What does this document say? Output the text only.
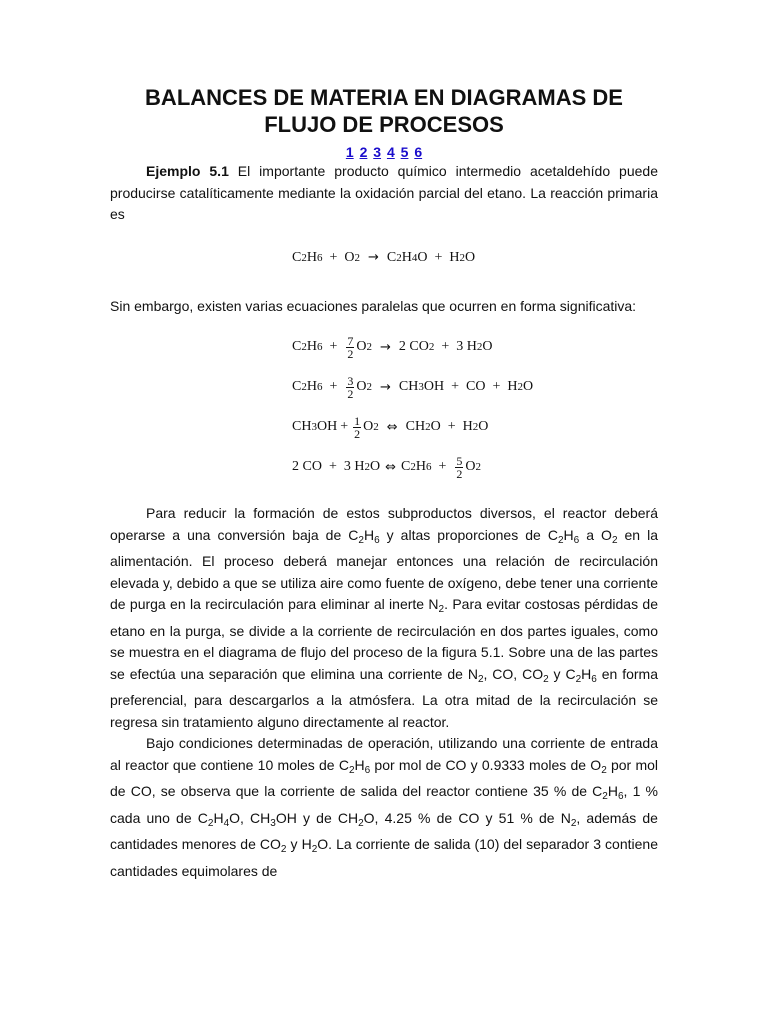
BALANCES DE MATERIA EN DIAGRAMAS DE
FLUJO DE PROCESOS
1 2 3 4 5 6

Ejemplo 5.1 El importante producto químico intermedio acetaldehído puede producirse catalíticamente mediante la oxidación parcial del etano. La reacción primaria es

C 2 H 6 + O 2 → C 2 H 4 O + H 2 O

Sin embargo, existen varias ecuaciones paralelas que ocurren en forma significativa:

C 2 H $6 + \frac{7}{2}$ O 2 → 2 CO 2 + 3 H 2 O
C 2 H $6 + \frac{3}{2}$ O 2 → CH 3 OH + CO + H 2 O
CH 3 OH + $\frac{1}{2}$ O 2 ⇔ CH 2 O + H 2 O
2 CO + 3 H 2 O ⇔ C 2 H $6 + \frac{5}{2}$ O 2

Para reducir la formación de estos subproductos diversos, el reactor deberá operarse a una conversión baja de $C_2H_6$ y altas proporciones de $C_2H_6$ a $O_2$ en la alimentación. El proceso deberá manejar entonces una relación de recirculación elevada y, debido a que se utiliza aire como fuente de oxígeno, debe tener una corriente de purga en la recirculación para eliminar al inerte $N_2$. Para evitar costosas pérdidas de etano en la purga, se divide a la corriente de recirculación en dos partes iguales, como se muestra en el diagrama de flujo del proceso de la figura 5.1. Sobre una de las partes se efectúa una separación que elimina una corriente de $N_2$, CO, $CO_2$ y $C_2H_6$ en forma preferencial, para descargarlos a la atmósfera. La otra mitad de la recirculación se regresa sin tratamiento alguno directamente al reactor.

Bajo condiciones determinadas de operación, utilizando una corriente de entrada al reactor que contiene 10 moles de $C_2H_6$ por mol de CO y 0.9333 moles de $O_2$ por mol de CO, se observa que la corriente de salida del reactor contiene 35 % de $C_2H_6$, 1 % cada uno de $C_2H_4O$, $CH_3OH$ y de $CH_2O$, 4.25 % de CO y 51 % de $N_2$, además de cantidades menores de $CO_2$ y $H_2O$. La corriente de salida (10) del separador 3 contiene cantidades equimolares de
